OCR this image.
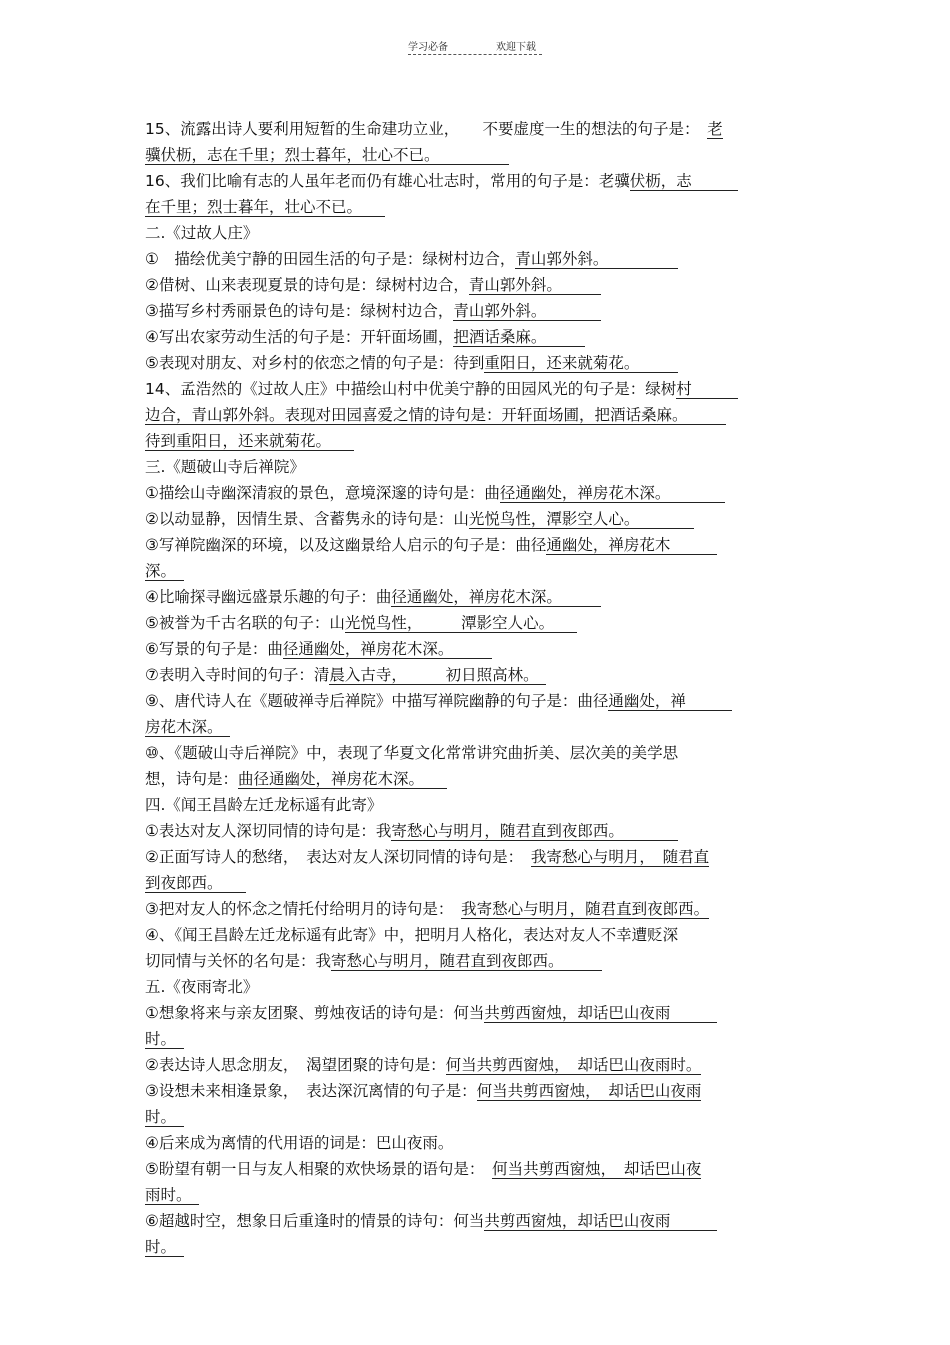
学习必备	欢迎下载
15、流露出诗人要利用短暂的生命建功立业，　　不要虚度一生的想法的句子是：　老
骥伏枥，志在千里；烈士暮年，壮心不已。　　　　　
16、我们比喻有志的人虽年老而仍有雄心壮志时，常用的句子是：老骥伏枥，志　　　
在千里；烈士暮年，壮心不已。　　
二.《过故人庄》
①　描绘优美宁静的田园生活的句子是：绿树村边合，青山郭外斜。　　　　　
②借树、山来表现夏景的诗句是：绿树村边合，青山郭外斜。　　　
③描写乡村秀丽景色的诗句是：绿树村边合，青山郭外斜。　　　　
④写出农家劳动生活的句子是：开轩面场圃，把酒话桑麻。　　　
⑤表现对朋友、对乡村的依恋之情的句子是：待到重阳日，还来就菊花。　　　
14、孟浩然的《过故人庄》中描绘山村中优美宁静的田园风光的句子是：绿树村　　　
边合，青山郭外斜。表现对田园喜爱之情的诗句是：开轩面场圃，把酒话桑麻。　　　
待到重阳日，还来就菊花。　　
三.《题破山寺后禅院》
①描绘山寺幽深清寂的景色，意境深邃的诗句是：曲径通幽处，禅房花木深。　　　　
②以动显静，因情生景、含蓄隽永的诗句是：山光悦鸟性，潭影空人心。　　　　
③写禅院幽深的环境，以及这幽景给人启示的句子是：曲径通幽处，禅房花木　　　
深。　
④比喻探寻幽远盛景乐趣的句子：曲径通幽处，禅房花木深。　　　
⑤被誉为千古名联的句子：山光悦鸟性，　　　潭影空人心。　　
⑥写景的句子是：曲径通幽处，禅房花木深。　　　
⑦表明入寺时间的句子：清晨入古寺，　　　初日照高林。　
⑨、唐代诗人在《题破禅寺后禅院》中描写禅院幽静的句子是：曲径通幽处，禅　　　
房花木深。　
⑩、《题破山寺后禅院》中，表现了华夏文化常常讲究曲折美、层次美的美学思
想，诗句是：曲径通幽处，禅房花木深。　　
四.《闻王昌龄左迁龙标遥有此寄》
①表达对友人深切同情的诗句是：我寄愁心与明月，随君直到夜郎西。　　　　
②正面写诗人的愁绪，　表达对友人深切同情的诗句是：　我寄愁心与明月，　随君直
到夜郎西。　　
③把对友人的怀念之情托付给明月的诗句是：　我寄愁心与明月，随君直到夜郎西。
④、《闻王昌龄左迁龙标遥有此寄》中，把明月人格化，表达对友人不幸遭贬深
切同情与关怀的名句是：我寄愁心与明月，随君直到夜郎西。　　　
五.《夜雨寄北》
①想象将来与亲友团聚、剪烛夜话的诗句是：何当共剪西窗烛，却话巴山夜雨　　　
时。　
②表达诗人思念朋友，　渴望团聚的诗句是：何当共剪西窗烛，　却话巴山夜雨时。
③设想未来相逢景象，　表达深沉离情的句子是：何当共剪西窗烛，　却话巴山夜雨
时。　
④后来成为离情的代用语的词是：巴山夜雨。
⑤盼望有朝一日与友人相聚的欢快场景的语句是：　何当共剪西窗烛，　却话巴山夜
雨时。　
⑥超越时空，想象日后重逢时的情景的诗句：何当共剪西窗烛，却话巴山夜雨　　　
时。　
